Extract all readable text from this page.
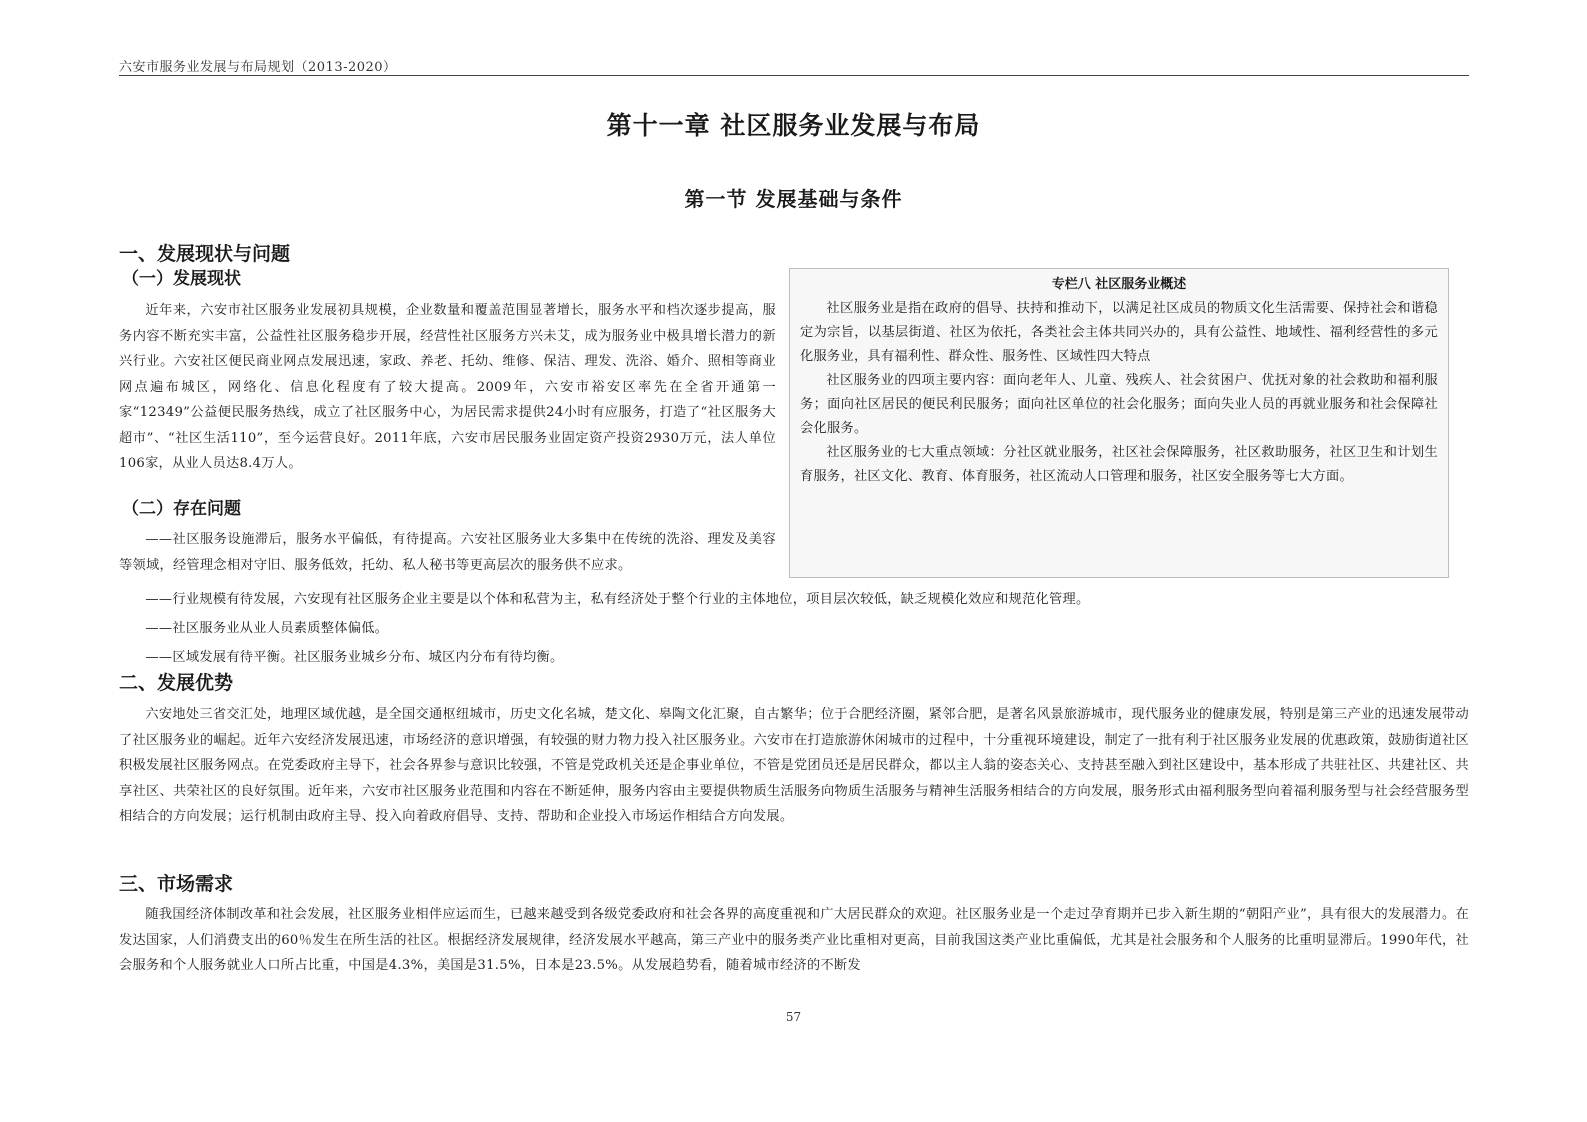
六安市服务业发展与布局规划（2013-2020）
第十一章 社区服务业发展与布局
第一节 发展基础与条件
一、发展现状与问题
（一）发展现状

近年来，六安市社区服务业发展初具规模，企业数量和覆盖范围显著增长，服务水平和档次逐步提高，服务内容不断充实丰富，公益性社区服务稳步开展，经营性社区服务方兴未艾，成为服务业中极具增长潜力的新兴行业。六安社区便民商业网点发展迅速，家政、养老、托幼、维修、保洁、理发、洗浴、婚介、照相等商业网点遍布城区，网络化、信息化程度有了较大提高。2009年，六安市裕安区率先在全省开通第一家“12349”公益便民服务热线，成立了社区服务中心，为居民需求提供24小时有应服务，打造了“社区服务大超市”、“社区生活110”，至今运营良好。2011年底，六安市居民服务业固定资产投资2930万元，法人单位106家，从业人员达8.4万人。

（二）存在问题

——社区服务设施滞后，服务水平偏低，有待提高。六安社区服务业大多集中在传统的洗浴、理发及美容等领域，经管理念相对守旧、服务低效，托幼、私人秘书等更高层次的服务供不应求。

——行业规模有待发展，六安现有社区服务企业主要是以个体和私营为主，私有经济处于整个行业的主体地位，项目层次较低，缺乏规模化效应和规范化管理。

——社区服务业从业人员素质整体偏低。

——区域发展有待平衡。社区服务业城乡分布、城区内分布有待均衡。

专栏八 社区服务业概述

社区服务业是指在政府的倡导、扶持和推动下，以满足社区成员的物质文化生活需要、保持社会和谐稳定为宗旨，以基层街道、社区为依托，各类社会主体共同兴办的，具有公益性、地域性、福利经营性的多元化服务业，具有福利性、群众性、服务性、区域性四大特点

社区服务业的四项主要内容：面向老年人、儿童、残疾人、社会贫困户、优抚对象的社会救助和福利服务；面向社区居民的便民利民服务；面向社区单位的社会化服务；面向失业人员的再就业服务和社会保障社会化服务。

社区服务业的七大重点领域：分社区就业服务，社区社会保障服务，社区救助服务，社区卫生和计划生育服务，社区文化、教育、体育服务，社区流动人口管理和服务，社区安全服务等七大方面。

二、发展优势

六安地处三省交汇处，地理区域优越，是全国交通枢纽城市，历史文化名城，楚文化、皋陶文化汇聚，自古繁华；位于合肥经济圈，紧邻合肥，是著名风景旅游城市，现代服务业的健康发展，特别是第三产业的迅速发展带动了社区服务业的崛起。近年六安经济发展迅速，市场经济的意识增强，有较强的财力物力投入社区服务业。六安市在打造旅游休闲城市的过程中，十分重视环境建设，制定了一批有利于社区服务业发展的优惠政策，鼓励街道社区积极发展社区服务网点。在党委政府主导下，社会各界参与意识比较强，不管是党政机关还是企事业单位，不管是党团员还是居民群众，都以主人翁的姿态关心、支持甚至融入到社区建设中，基本形成了共驻社区、共建社区、共享社区、共荣社区的良好氛围。近年来，六安市社区服务业范围和内容在不断延伸，服务内容由主要提供物质生活服务向物质生活服务与精神生活服务相结合的方向发展，服务形式由福利服务型向着福利服务型与社会经营服务型相结合的方向发展；运行机制由政府主导、投入向着政府倡导、支持、帮助和企业投入市场运作相结合方向发展。

三、市场需求

随我国经济体制改革和社会发展，社区服务业相伴应运而生，已越来越受到各级党委政府和社会各界的高度重视和广大居民群众的欢迎。社区服务业是一个走过孕育期并已步入新生期的“朝阳产业”，具有很大的发展潜力。在发达国家，人们消费支出的60％发生在所生活的社区。根据经济发展规律，经济发展水平越高，第三产业中的服务类产业比重相对更高，目前我国这类产业比重偏低，尤其是社会服务和个人服务的比重明显滞后。1990年代，社会服务和个人服务就业人口所占比重，中国是4.3%，美国是31.5%，日本是23.5%。从发展趋势看，随着城市经济的不断发

57
